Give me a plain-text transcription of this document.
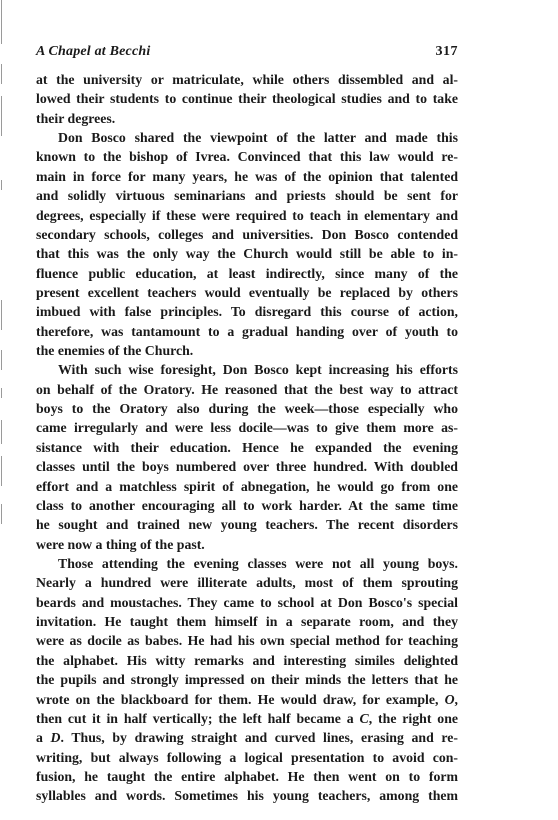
A Chapel at Becchi	317
at the university or matriculate, while others dissembled and al-
lowed their students to continue their theological studies and to take
their degrees.
Don Bosco shared the viewpoint of the latter and made this
known to the bishop of Ivrea. Convinced that this law would re-
main in force for many years, he was of the opinion that talented
and solidly virtuous seminarians and priests should be sent for
degrees, especially if these were required to teach in elementary and
secondary schools, colleges and universities. Don Bosco contended
that this was the only way the Church would still be able to in-
fluence public education, at least indirectly, since many of the
present excellent teachers would eventually be replaced by others
imbued with false principles. To disregard this course of action,
therefore, was tantamount to a gradual handing over of youth to
the enemies of the Church.
With such wise foresight, Don Bosco kept increasing his efforts
on behalf of the Oratory. He reasoned that the best way to attract
boys to the Oratory also during the week—those especially who
came irregularly and were less docile—was to give them more as-
sistance with their education. Hence he expanded the evening
classes until the boys numbered over three hundred. With doubled
effort and a matchless spirit of abnegation, he would go from one
class to another encouraging all to work harder. At the same time
he sought and trained new young teachers. The recent disorders
were now a thing of the past.
Those attending the evening classes were not all young boys.
Nearly a hundred were illiterate adults, most of them sprouting
beards and moustaches. They came to school at Don Bosco's special
invitation. He taught them himself in a separate room, and they
were as docile as babes. He had his own special method for teaching
the alphabet. His witty remarks and interesting similes delighted
the pupils and strongly impressed on their minds the letters that he
wrote on the blackboard for them. He would draw, for example, O,
then cut it in half vertically; the left half became a C, the right one
a D. Thus, by drawing straight and curved lines, erasing and re-
writing, but always following a logical presentation to avoid con-
fusion, he taught the entire alphabet. He then went on to form
syllables and words. Sometimes his young teachers, among them
